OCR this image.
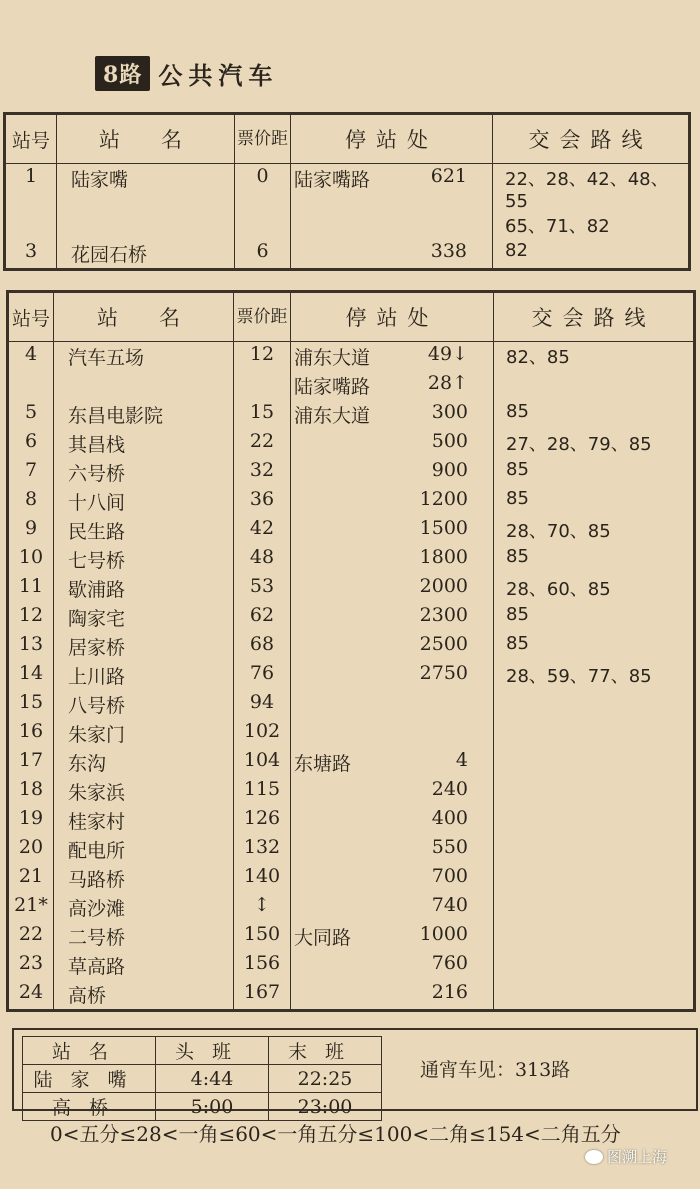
8路 公共汽车
站号	站　名	票价距	停站处	交会路线
1	陆家嘴	0	陆家嘴路 621	22、28、42、48、55
65、71、82
3	花园石桥	6	338	82
站号	站　名	票价距	停站处	交会路线
4	汽车五场	12	浦东大道 49↓	82、85
			陆家嘴路 28↑	

5	东昌电影院	15	浦东大道 300	85
6	其昌栈	22	500	27、28、79、85
7	六号桥	32	900	85
8	十八间	36	1200	85
9	民生路	42	1500	28、70、85
10	七号桥	48	1800	85
11	歇浦路	53	2000	28、60、85
12	陶家宅	62	2300	85
13	居家桥	68	2500	85
14	上川路	76	2750	28、59、77、85
15	八号桥	94	

16	朱家门	102	

17	东沟	104	东塘路 4	

18	朱家浜	115	240	

19	桂家村	126	400	

20	配电所	132	550	

21	马路桥	140	700	

21*	高沙滩	↕	740	

22	二号桥	150	大同路 1000	

23	草高路	156	760	

24	高桥	167	216	

站名	头班	末班
陆家嘴	4:44	22:25
高桥	5:00	23:00
通宵车见：313路
0<五分≤28<一角≤60<一角五分≤100<二角≤154<二角五分
图溯上海
